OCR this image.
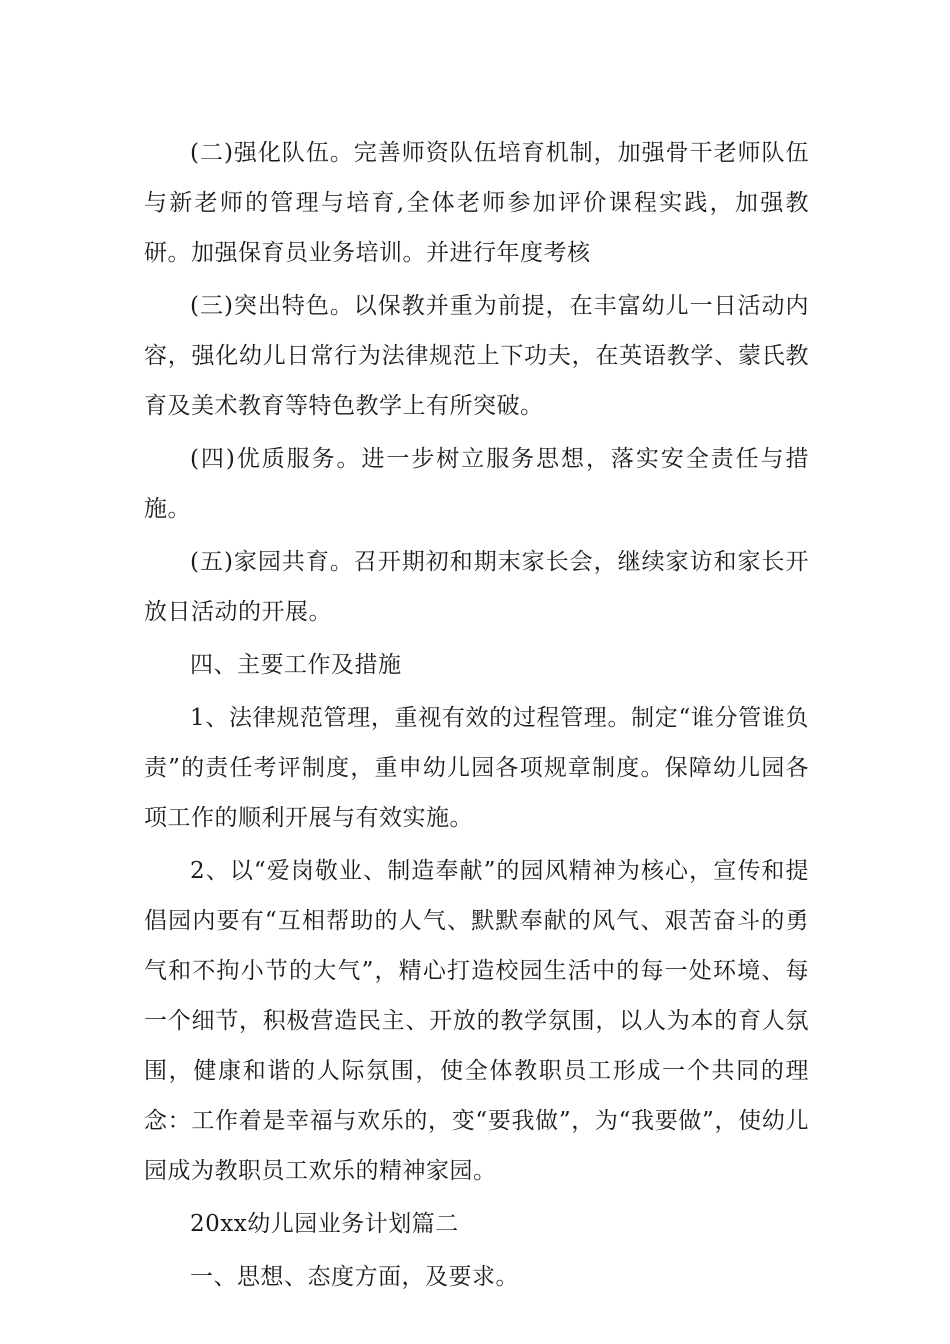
(二)强化队伍。完善师资队伍培育机制，加强骨干老师队伍与新老师的管理与培育,全体老师参加评价课程实践，加强教研。加强保育员业务培训。并进行年度考核

(三)突出特色。以保教并重为前提，在丰富幼儿一日活动内容，强化幼儿日常行为法律规范上下功夫，在英语教学、蒙氏教育及美术教育等特色教学上有所突破。

(四)优质服务。进一步树立服务思想，落实安全责任与措施。

(五)家园共育。召开期初和期末家长会，继续家访和家长开放日活动的开展。

四、主要工作及措施

1、法律规范管理，重视有效的过程管理。制定“谁分管谁负责”的责任考评制度，重申幼儿园各项规章制度。保障幼儿园各项工作的顺利开展与有效实施。

2、以“爱岗敬业、制造奉献”的园风精神为核心，宣传和提倡园内要有“互相帮助的人气、默默奉献的风气、艰苦奋斗的勇气和不拘小节的大气”，精心打造校园生活中的每一处环境、每一个细节，积极营造民主、开放的教学氛围，以人为本的育人氛围，健康和谐的人际氛围，使全体教职员工形成一个共同的理念：工作着是幸福与欢乐的，变“要我做”，为“我要做”，使幼儿园成为教职员工欢乐的精神家园。

20xx幼儿园业务计划篇二

一、思想、态度方面，及要求。
